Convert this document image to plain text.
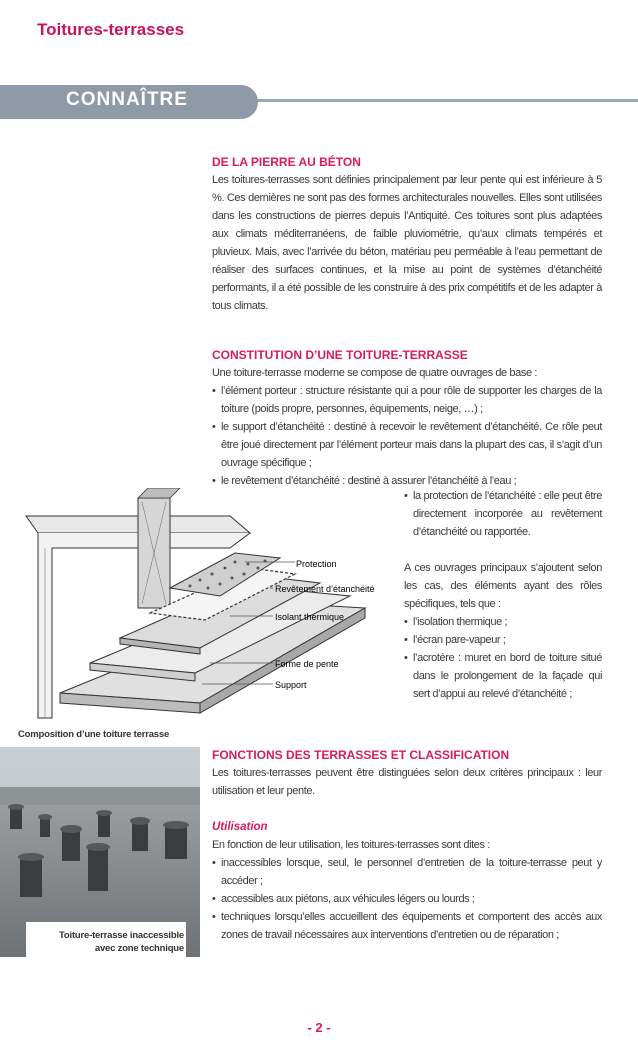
Toitures-terrasses
CONNAÎTRE
DE LA PIERRE AU BÉTON

Les toitures-terrasses sont définies principalement par leur pente qui est inférieure à 5 %. Ces dernières ne sont pas des formes architecturales nouvelles. Elles sont utilisées dans les constructions de pierres depuis l’Antiquité. Ces toitures sont plus adaptées aux climats méditerranéens, de faible pluviométrie, qu’aux climats tempérés et pluvieux. Mais, avec l’arrivée du béton, matériau peu perméable à l’eau permettant de réaliser des surfaces continues, et la mise au point de systèmes d’étanchéité performants, il a été possible de les construire à des prix compétitifs et de les adapter à tous climats.

CONSTITUTION D’UNE TOITURE-TERRASSE

Une toiture-terrasse moderne se compose de quatre ouvrages de base :

• l’élément porteur : structure résistante qui a pour rôle de supporter les charges de la toiture (poids propre, personnes, équipements, neige, …) ;
• le support d’étanchéité : destiné à recevoir le revêtement d’étanchéité. Ce rôle peut être joué directement par l’élément porteur mais dans la plupart des cas, il s’agit d’un ouvrage spécifique ;
• le revêtement d’étanchéité : destiné à assurer l’étanchéité à l’eau ;
• la protection de l’étanchéité : elle peut être directement incorporée au revêtement d’étanchéité ou rapportée.

A ces ouvrages principaux s’ajoutent selon les cas, des éléments ayant des rôles spécifiques, tels que :

• l’isolation thermique ;
• l’écran pare-vapeur ;
• l’acrotère : muret en bord de toiture situé dans le prolongement de la façade qui sert d’appui au relevé d’étanchéité ;
Protection
Revêtement d’étanchéité
Isolant thermique
Forme de pente
Support
Composition d’une toiture terrasse
Toiture-terrasse inaccessible
avec zone technique
FONCTIONS DES TERRASSES ET CLASSIFICATION

Les toitures-terrasses peuvent être distinguées selon deux critères principaux : leur utilisation et leur pente.

Utilisation

En fonction de leur utilisation, les toitures-terrasses sont dites :

• inaccessibles lorsque, seul, le personnel d’entretien de la toiture-terrasse peut y accéder ;
• accessibles aux piétons, aux véhicules légers ou lourds ;
• techniques lorsqu’elles accueillent des équipements et comportent des accès aux zones de travail nécessaires aux interventions d’entretien ou de réparation ;
- 2 -
